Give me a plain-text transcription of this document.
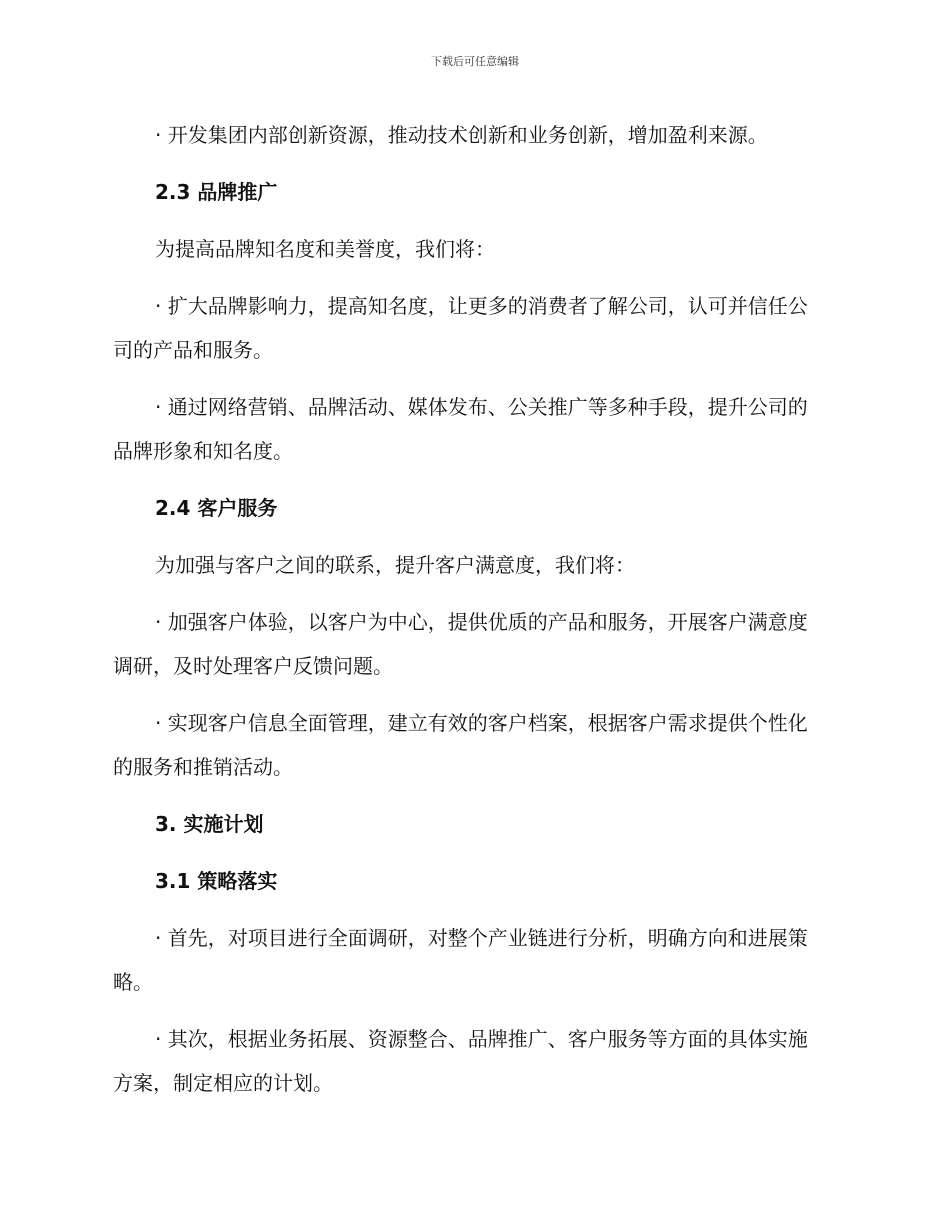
下载后可任意编辑

· 开发集团内部创新资源，推动技术创新和业务创新，增加盈利来源。

2.3 品牌推广

为提高品牌知名度和美誉度，我们将：

· 扩大品牌影响力，提高知名度，让更多的消费者了解公司，认可并信任公司的产品和服务。

· 通过网络营销、品牌活动、媒体发布、公关推广等多种手段，提升公司的品牌形象和知名度。

2.4 客户服务

为加强与客户之间的联系，提升客户满意度，我们将：

· 加强客户体验，以客户为中心，提供优质的产品和服务，开展客户满意度调研，及时处理客户反馈问题。

· 实现客户信息全面管理，建立有效的客户档案，根据客户需求提供个性化的服务和推销活动。

3. 实施计划
3.1 策略落实

· 首先，对项目进行全面调研，对整个产业链进行分析，明确方向和进展策略。

· 其次，根据业务拓展、资源整合、品牌推广、客户服务等方面的具体实施方案，制定相应的计划。
